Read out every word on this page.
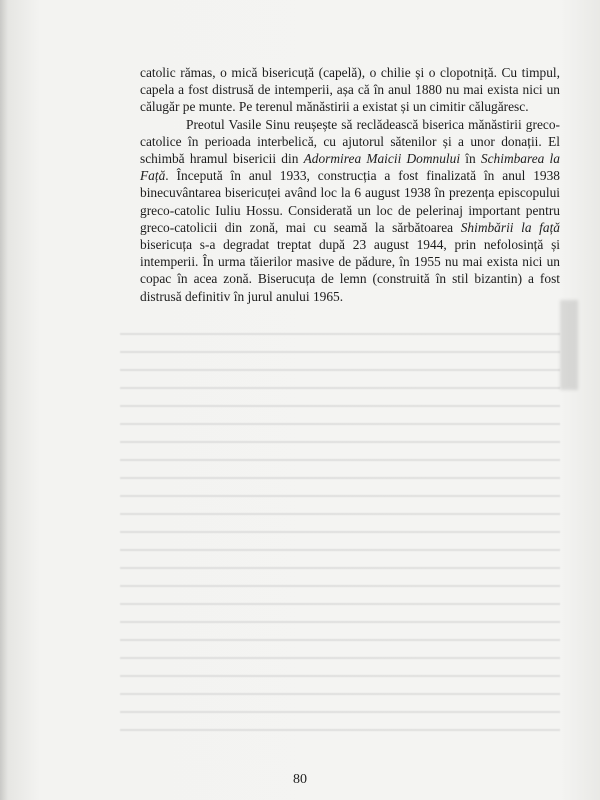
catolic rămas, o mică bisericuță (capelă), o chilie și o clopotniță. Cu timpul, capela a fost distrusă de intemperii, așa că în anul 1880 nu mai exista nici un călugăr pe munte. Pe terenul mănăstirii a existat și un cimitir călugăresc.

Preotul Vasile Sinu reușește să reclădească biserica mănăstirii greco-catolice în perioada interbelică, cu ajutorul sătenilor și a unor donații. El schimbă hramul bisericii din Adormirea Maicii Domnului în Schimbarea la Față. Începută în anul 1933, construcția a fost finalizată în anul 1938 binecuvântarea bisericuței având loc la 6 august 1938 în prezența episcopului greco-catolic Iuliu Hossu. Considerată un loc de pelerinaj important pentru greco-catolicii din zonă, mai cu seamă la sărbătoarea Shimbării la față bisericuța s-a degradat treptat după 23 august 1944, prin nefolosință și intemperii. În urma tăierilor masive de pădure, în 1955 nu mai exista nici un copac în acea zonă. Biserucuța de lemn (construită în stil bizantin) a fost distrusă definitiv în jurul anului 1965.

80
